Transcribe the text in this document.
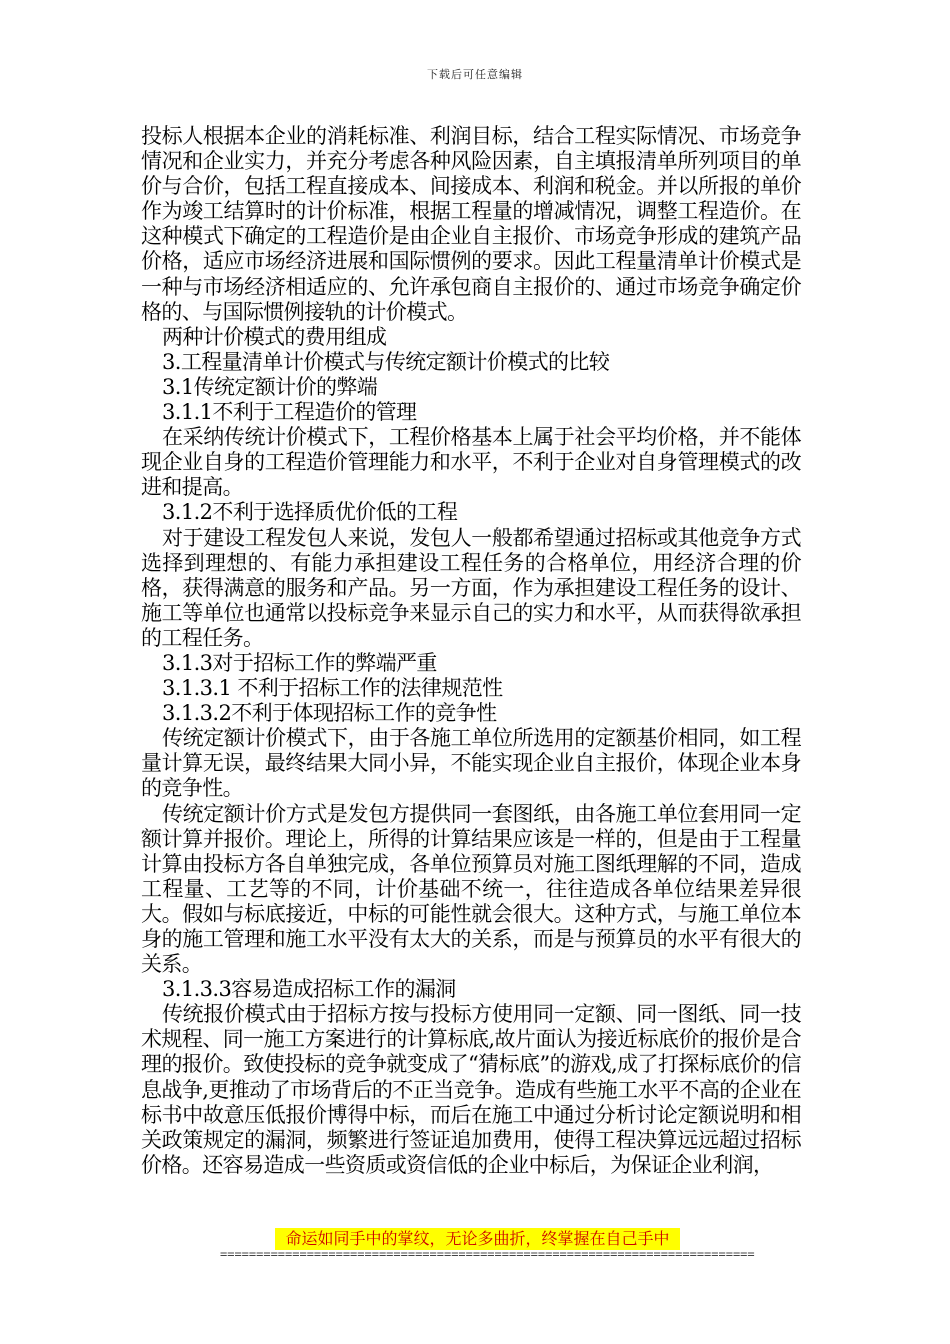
下载后可任意编辑

投标人根据本企业的消耗标准、利润目标，结合工程实际情况、市场竞争情况和企业实力，并充分考虑各种风险因素，自主填报清单所列项目的单价与合价，包括工程直接成本、间接成本、利润和税金。并以所报的单价作为竣工结算时的计价标准，根据工程量的增减情况，调整工程造价。在这种模式下确定的工程造价是由企业自主报价、市场竞争形成的建筑产品价格，适应市场经济进展和国际惯例的要求。因此工程量清单计价模式是一种与市场经济相适应的、允许承包商自主报价的、通过市场竞争确定价格的、与国际惯例接轨的计价模式。

两种计价模式的费用组成

3.工程量清单计价模式与传统定额计价模式的比较

3.1传统定额计价的弊端

3.1.1不利于工程造价的管理

在采纳传统计价模式下，工程价格基本上属于社会平均价格，并不能体现企业自身的工程造价管理能力和水平，不利于企业对自身管理模式的改进和提高。

3.1.2不利于选择质优价低的工程

对于建设工程发包人来说，发包人一般都希望通过招标或其他竞争方式选择到理想的、有能力承担建设工程任务的合格单位，用经济合理的价格，获得满意的服务和产品。另一方面，作为承担建设工程任务的设计、施工等单位也通常以投标竞争来显示自己的实力和水平，从而获得欲承担的工程任务。

3.1.3对于招标工作的弊端严重

3.1.3.1 不利于招标工作的法律规范性

3.1.3.2不利于体现招标工作的竞争性

传统定额计价模式下，由于各施工单位所选用的定额基价相同，如工程量计算无误，最终结果大同小异，不能实现企业自主报价，体现企业本身的竞争性。

传统定额计价方式是发包方提供同一套图纸，由各施工单位套用同一定额计算并报价。理论上，所得的计算结果应该是一样的，但是由于工程量计算由投标方各自单独完成，各单位预算员对施工图纸理解的不同，造成工程量、工艺等的不同，计价基础不统一，往往造成各单位结果差异很大。假如与标底接近，中标的可能性就会很大。这种方式，与施工单位本身的施工管理和施工水平没有太大的关系，而是与预算员的水平有很大的关系。

3.1.3.3容易造成招标工作的漏洞

传统报价模式由于招标方按与投标方使用同一定额、同一图纸、同一技术规程、同一施工方案进行的计算标底,故片面认为接近标底价的报价是合理的报价。致使投标的竞争就变成了“猜标底”的游戏,成了打探标底价的信息战争,更推动了市场背后的不正当竞争。造成有些施工水平不高的企业在标书中故意压低报价博得中标，而后在施工中通过分析讨论定额说明和相关政策规定的漏洞，频繁进行签证追加费用，使得工程决算远远超过招标价格。还容易造成一些资质或资信低的企业中标后，为保证企业利润，

命运如同手中的掌纹，无论多曲折，终掌握在自己手中
==========================================================================
